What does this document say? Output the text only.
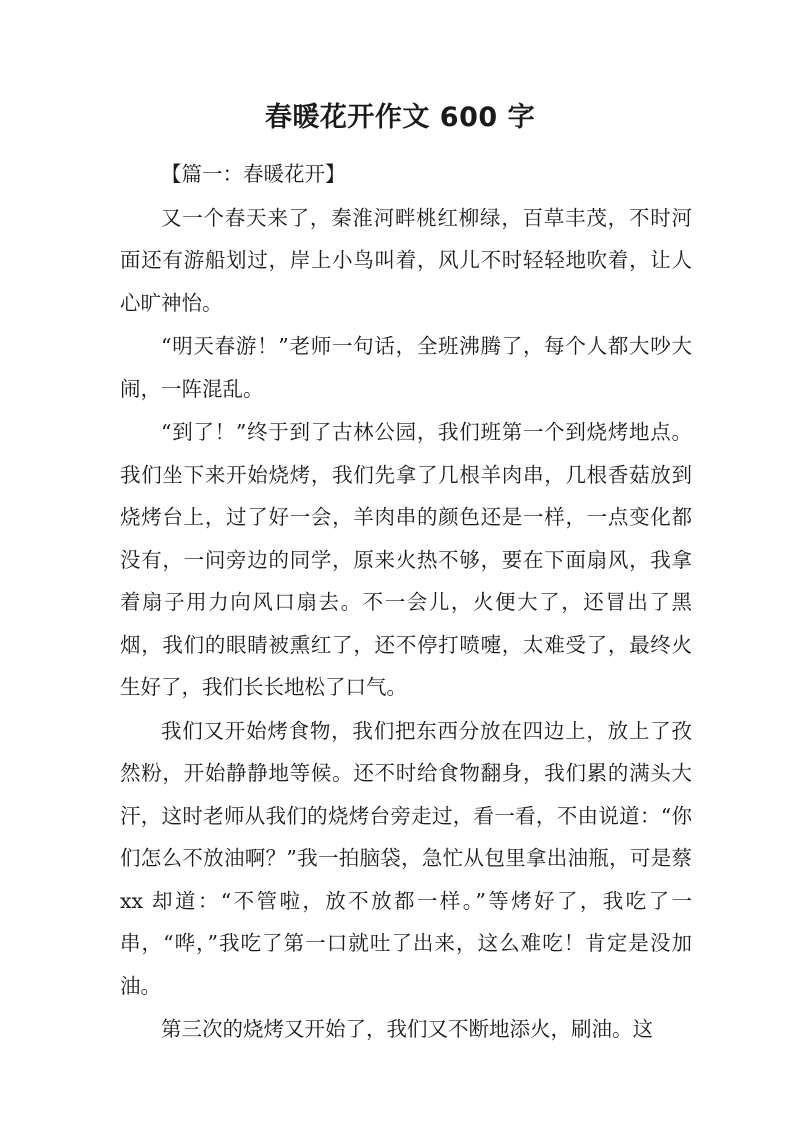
春暖花开作文 600 字

【篇一：春暖花开】

又一个春天来了，秦淮河畔桃红柳绿，百草丰茂，不时河面还有游船划过，岸上小鸟叫着，风儿不时轻轻地吹着，让人心旷神怡。

“明天春游！”老师一句话，全班沸腾了，每个人都大吵大闹，一阵混乱。

“到了！”终于到了古林公园，我们班第一个到烧烤地点。我们坐下来开始烧烤，我们先拿了几根羊肉串，几根香菇放到烧烤台上，过了好一会，羊肉串的颜色还是一样，一点变化都没有，一问旁边的同学，原来火热不够，要在下面扇风，我拿着扇子用力向风口扇去。不一会儿，火便大了，还冒出了黑烟，我们的眼睛被熏红了，还不停打喷嚏，太难受了，最终火生好了，我们长长地松了口气。

我们又开始烤食物，我们把东西分放在四边上，放上了孜然粉，开始静静地等候。还不时给食物翻身，我们累的满头大汗，这时老师从我们的烧烤台旁走过，看一看，不由说道：“你们怎么不放油啊？”我一拍脑袋，急忙从包里拿出油瓶，可是蔡 xx 却道：“不管啦，放不放都一样。”等烤好了，我吃了一串，“哗，”我吃了第一口就吐了出来，这么难吃！肯定是没加油。

第三次的烧烤又开始了，我们又不断地添火，刷油。这
